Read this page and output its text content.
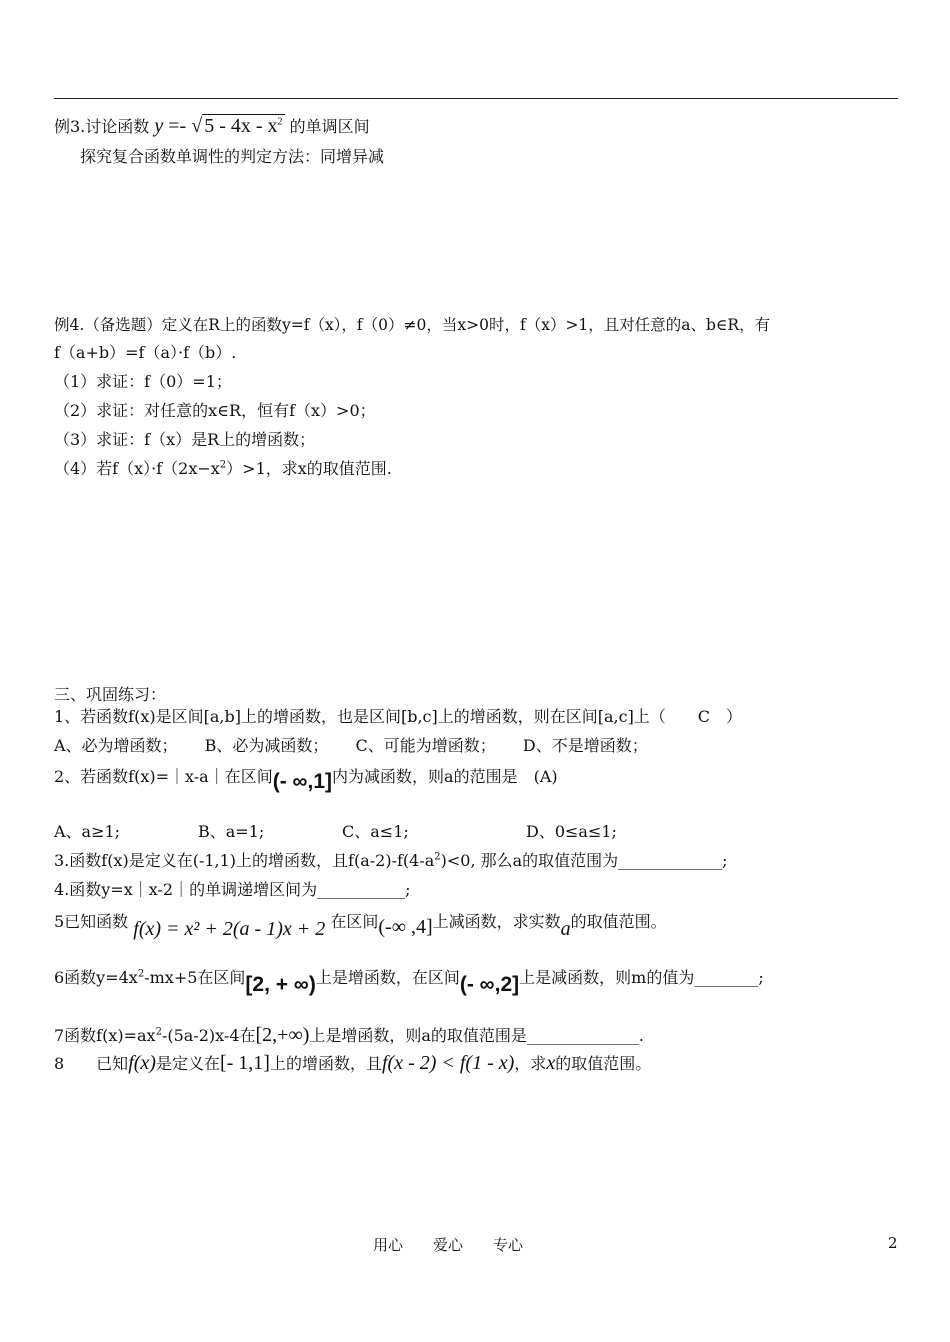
例3.讨论函数 y =- √ $5 - 4x - x^2$ 的单调区间
探究复合函数单调性的判定方法：同增异减
例4.（备选题）定义在R上的函数y=f（x），f（0）≠0，当x>0时，f（x）>1，且对任意的a、b∈R，有
f（a+b）=f（a）·f（b）.
（1）求证：f（0）=1；
（2）求证：对任意的x∈R，恒有f（x）>0；
（3）求证：f（x）是R上的增函数；
（4）若$f(x)\cdot f(2x-x^2)>1$，求x的取值范围.
三、巩固练习：
1、若函数f(x)是区间[a,b]上的增函数，也是区间[b,c]上的增函数，则在区间[a,c]上（　　C　）
A、必为增函数； B、必为减函数； C、可能为增函数； D、不是增函数；
2、若函数f(x)=｜x-a｜在区间(- ∞,1]内为减函数，则a的范围是　(A)
A、a≥1;	B、a=1;	C、a≤1;	D、0≤a≤1;
3.函数f(x)是定义在(-1,1)上的增函数，且$f(a-2)-f(4-a^2)<0$, 那么a的取值范围为_____________;
4.函数y=x｜x-2｜的单调递增区间为___________;
5已知函数 f(x) = x² + 2(a - 1)x + 2 在区间(-∞ ,4]上减函数，求实数a的取值范围。
6函数$y=4x^2-mx+5$在区间[2, + ∞)上是增函数，在区间(- ∞,2]上是减函数，则m的值为________;
7函数$f(x)=ax^2-(5a-2)x-4$在[2,+∞)上是增函数，则a的取值范围是______________.
8　　已知f(x)是定义在[- 1,1]上的增函数，且f(x - 2) < f(1 - x)，求x的取值范围。
用心　　爱心　　专心	2
